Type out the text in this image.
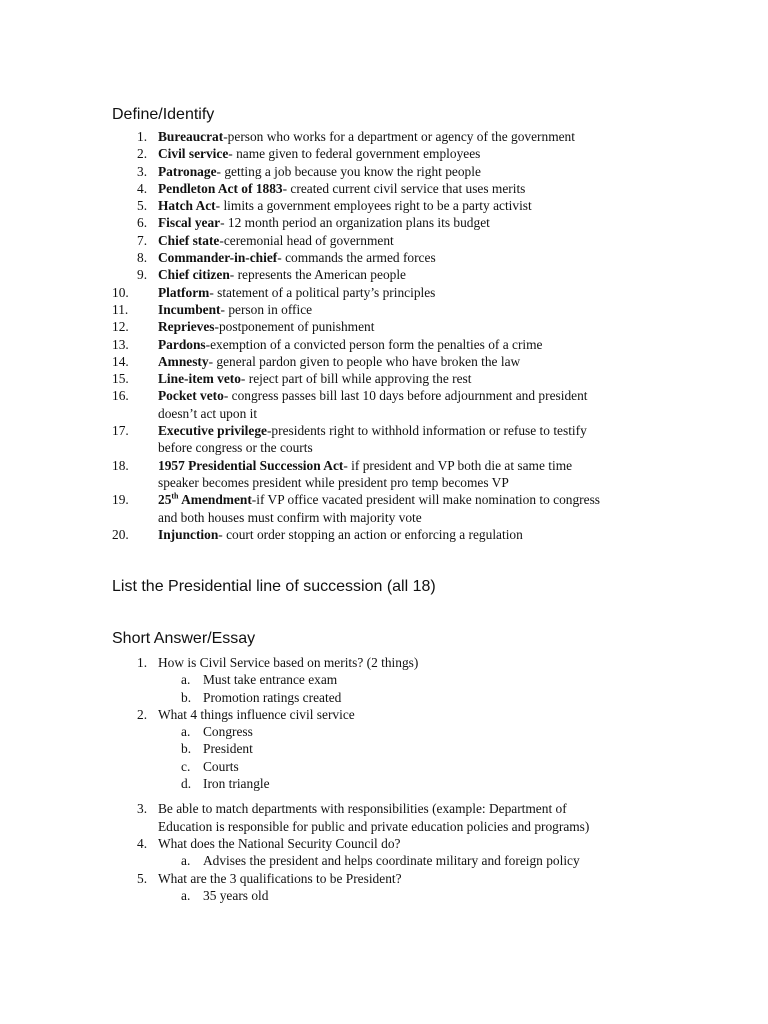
Define/Identify
1. Bureaucrat-person who works for a department or agency of the government
2. Civil service- name given to federal government employees
3. Patronage- getting a job because you know the right people
4. Pendleton Act of 1883- created current civil service that uses merits
5. Hatch Act- limits a government employees right to be a party activist
6. Fiscal year- 12 month period an organization plans its budget
7. Chief state-ceremonial head of government
8. Commander-in-chief- commands the armed forces
9. Chief citizen- represents the American people
10. Platform- statement of a political party’s principles
11. Incumbent- person in office
12. Reprieves-postponement of punishment
13. Pardons-exemption of a convicted person form the penalties of a crime
14. Amnesty- general pardon given to people who have broken the law
15. Line-item veto- reject part of bill while approving the rest
16. Pocket veto- congress passes bill last 10 days before adjournment and president
doesn’t act upon it
17. Executive privilege-presidents right to withhold information or refuse to testify
before congress or the courts
18. 1957 Presidential Succession Act- if president and VP both die at same time
speaker becomes president while president pro temp becomes VP
19. 25th Amendment-if VP office vacated president will make nomination to congress
and both houses must confirm with majority vote
20. Injunction- court order stopping an action or enforcing a regulation
List the Presidential line of succession (all 18)
Short Answer/Essay
1. How is Civil Service based on merits? (2 things)
a. Must take entrance exam
b. Promotion ratings created
2. What 4 things influence civil service
a. Congress
b. President
c. Courts
d. Iron triangle
3. Be able to match departments with responsibilities (example: Department of
Education is responsible for public and private education policies and programs)
4. What does the National Security Council do?
a. Advises the president and helps coordinate military and foreign policy
5. What are the 3 qualifications to be President?
a. 35 years old
